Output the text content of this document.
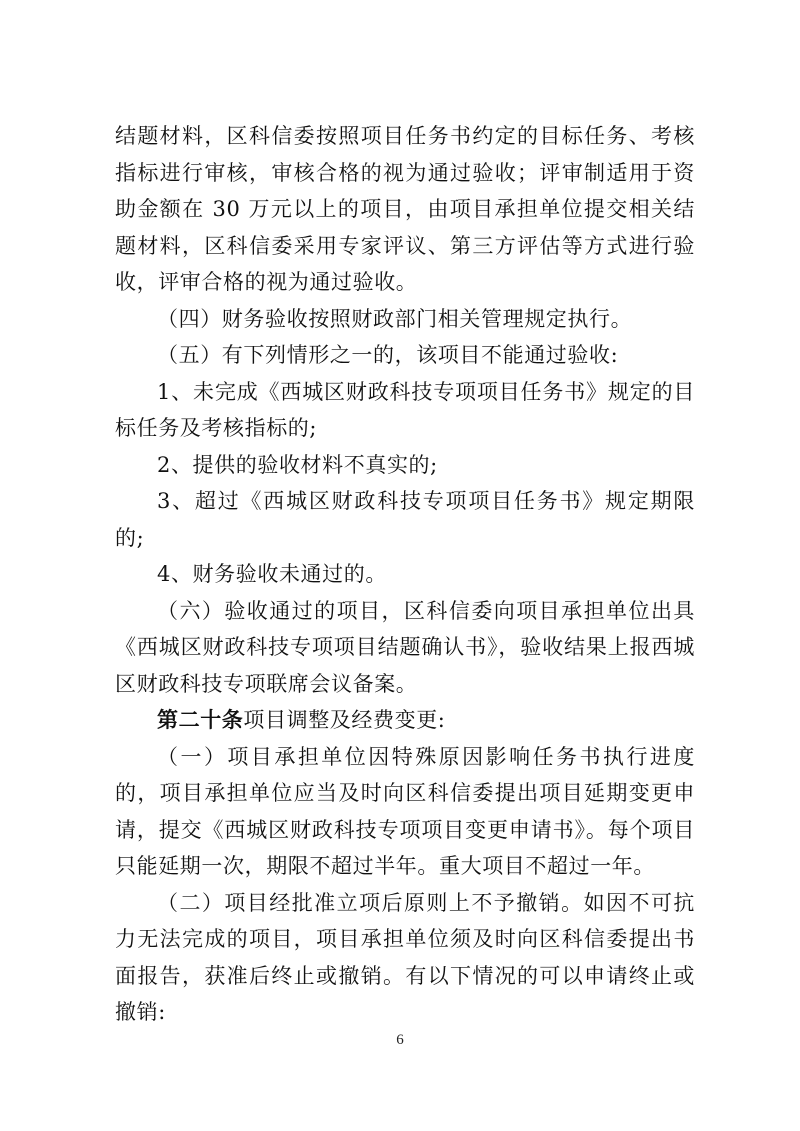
结题材料，区科信委按照项目任务书约定的目标任务、考核指标进行审核，审核合格的视为通过验收；评审制适用于资助金额在 30 万元以上的项目，由项目承担单位提交相关结题材料，区科信委采用专家评议、第三方评估等方式进行验收，评审合格的视为通过验收。

（四）财务验收按照财政部门相关管理规定执行。

（五）有下列情形之一的，该项目不能通过验收:

1、未完成《西城区财政科技专项项目任务书》规定的目标任务及考核指标的;

2、提供的验收材料不真实的;

3、超过《西城区财政科技专项项目任务书》规定期限的;

4、财务验收未通过的。

（六）验收通过的项目，区科信委向项目承担单位出具《西城区财政科技专项项目结题确认书》，验收结果上报西城区财政科技专项联席会议备案。

第二十条项目调整及经费变更:

（一）项目承担单位因特殊原因影响任务书执行进度的，项目承担单位应当及时向区科信委提出项目延期变更申请，提交《西城区财政科技专项项目变更申请书》。每个项目只能延期一次，期限不超过半年。重大项目不超过一年。

（二）项目经批准立项后原则上不予撤销。如因不可抗力无法完成的项目，项目承担单位须及时向区科信委提出书面报告，获准后终止或撤销。有以下情况的可以申请终止或撤销:

6
